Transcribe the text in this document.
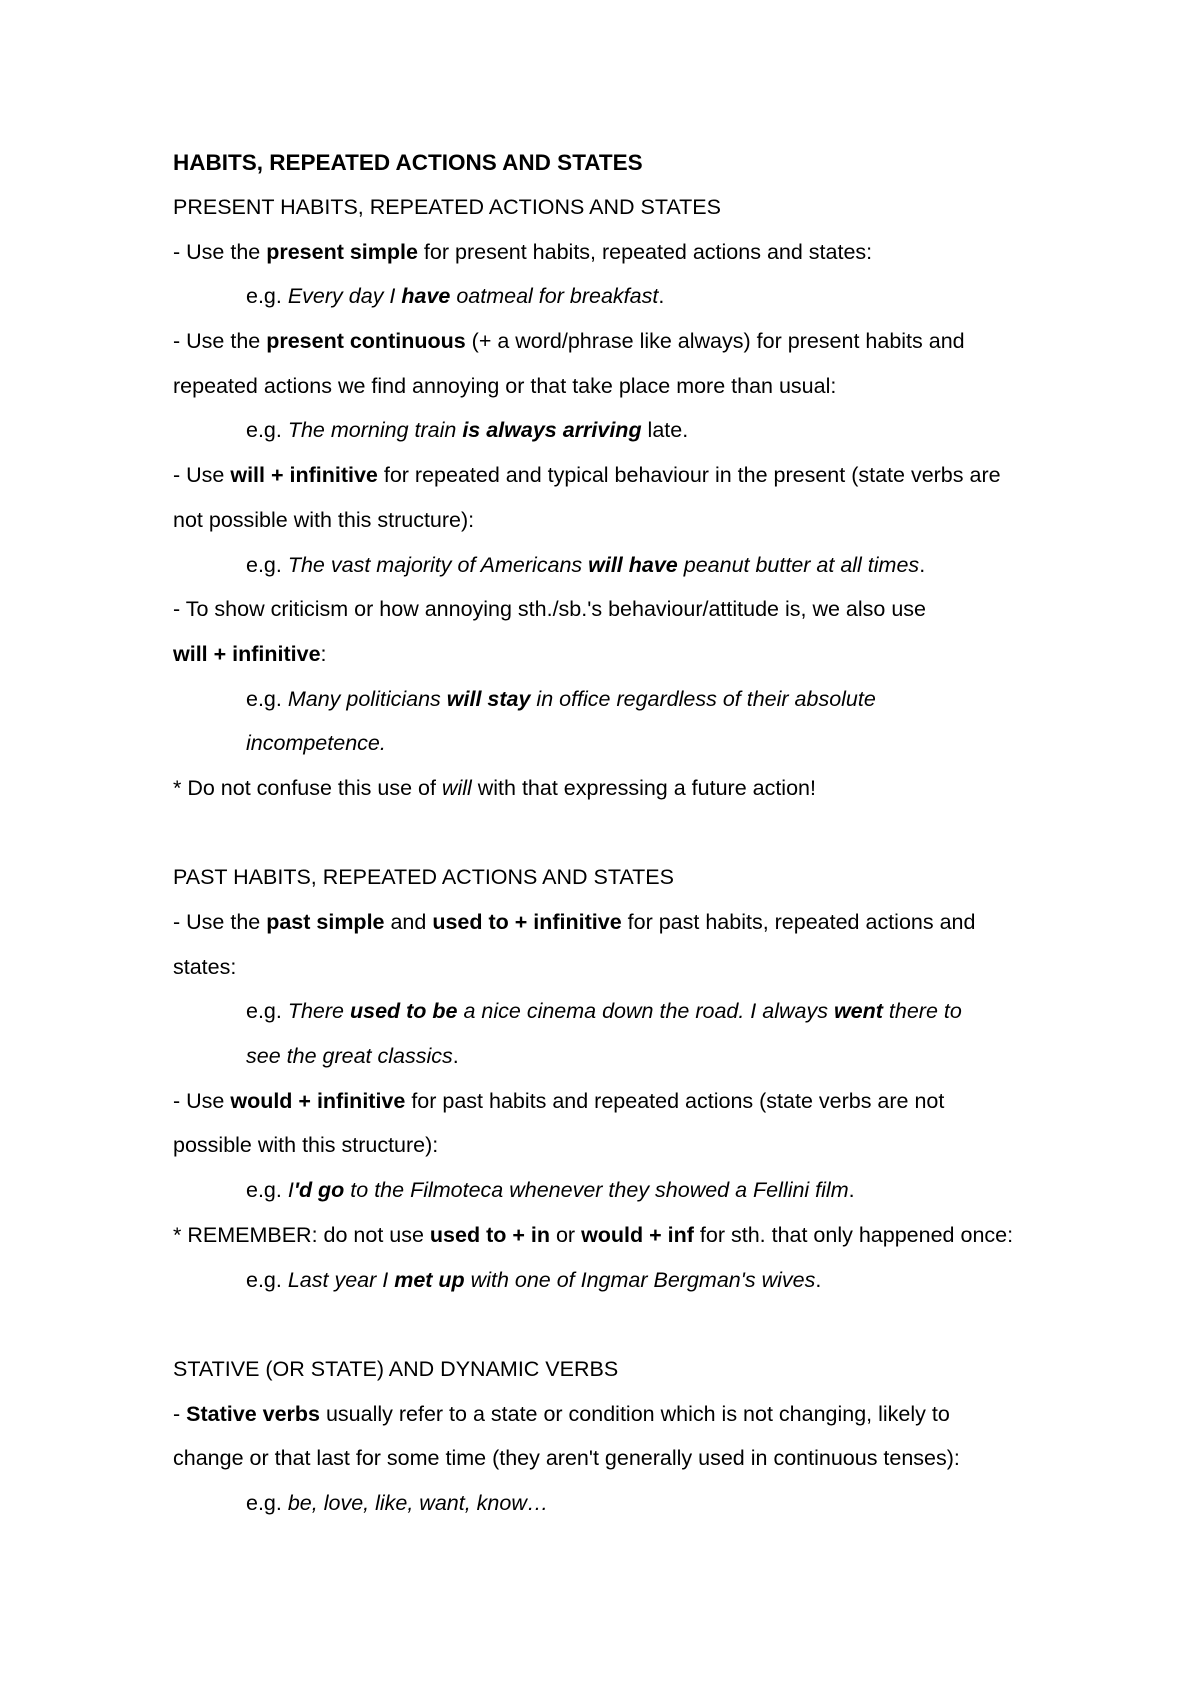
HABITS, REPEATED ACTIONS AND STATES
PRESENT HABITS, REPEATED ACTIONS AND STATES
- Use the present simple for present habits, repeated actions and states:
e.g. Every day I have oatmeal for breakfast.
- Use the present continuous (+ a word/phrase like always) for present habits and
repeated actions we find annoying or that take place more than usual:
e.g. The morning train is always arriving late.
- Use will + infinitive for repeated and typical behaviour in the present (state verbs are
not possible with this structure):
e.g. The vast majority of Americans will have peanut butter at all times.
- To show criticism or how annoying sth./sb.'s behaviour/attitude is, we also use
will + infinitive:
e.g. Many politicians will stay in office regardless of their absolute
incompetence.
* Do not confuse this use of will with that expressing a future action!
PAST HABITS, REPEATED ACTIONS AND STATES
- Use the past simple and used to + infinitive for past habits, repeated actions and
states:
e.g. There used to be a nice cinema down the road. I always went there to
see the great classics.
- Use would + infinitive for past habits and repeated actions (state verbs are not
possible with this structure):
e.g. I'd go to the Filmoteca whenever they showed a Fellini film.
* REMEMBER: do not use used to + in or would + inf for sth. that only happened once:
e.g. Last year I met up with one of Ingmar Bergman's wives.
STATIVE (OR STATE) AND DYNAMIC VERBS
- Stative verbs usually refer to a state or condition which is not changing, likely to
change or that last for some time (they aren't generally used in continuous tenses):
e.g. be, love, like, want, know…
